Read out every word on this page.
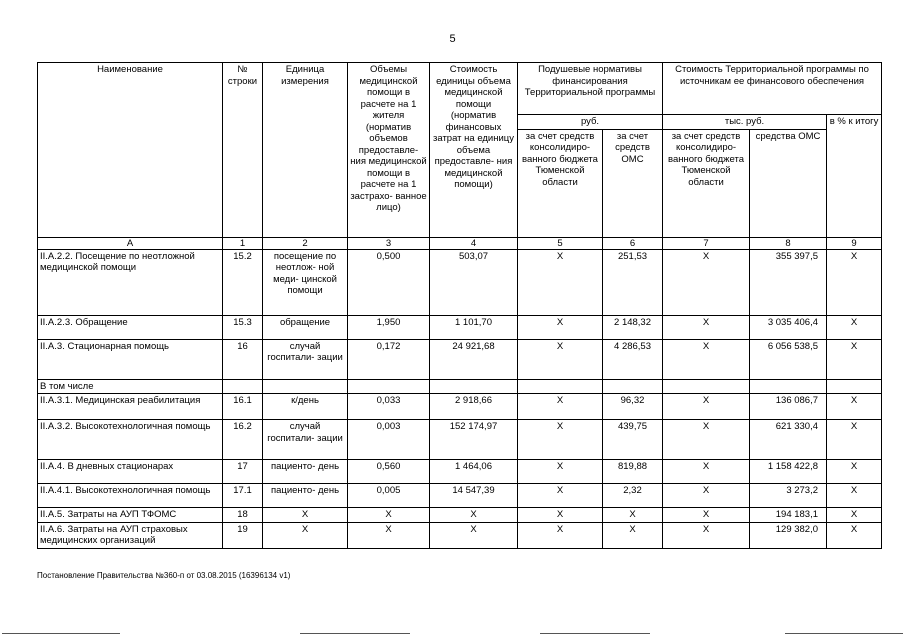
5
Наименование	№ строки	Единица измерения	Объемы медицинской помощи в расчете на 1 жителя (норматив объемов предоставле- ния медицинской помощи в расчете на 1 застрахо- ванное лицо)	Стоимость единицы объема медицинской помощи (норматив финансовых затрат на единицу объема предоставле- ния медицинской помощи)	Подушевые нормативы финансирования Территориальной программы		Стоимость Территориальной программы по источникам ее финансового обеспечения		
					руб.		тыс. руб.		в % к итогу
					за счет средств консолидиро- ванного бюджета Тюменской области	за счет средств ОМС	за счет средств консолидиро- ванного бюджета Тюменской области	средства ОМС	
А	1	2	3	4	5	6	7	8	9
II.А.2.2. Посещение по неотложной медицинской помощи	15.2	посещение по неотлож- ной меди- цинской помощи	0,500	503,07	Х	251,53	Х	355 397,5	Х
II.А.2.3. Обращение	15.3	обращение	1,950	1 101,70	Х	2 148,32	Х	3 035 406,4	Х
II.А.3. Стационарная помощь	16	случай госпитали- зации	0,172	24 921,68	Х	4 286,53	Х	6 056 538,5	Х
В том числе									
II.А.3.1. Медицинская реабилитация	16.1	к/день	0,033	2 918,66	Х	96,32	Х	136 086,7	Х
II.А.3.2. Высокотехнологичная помощь	16.2	случай госпитали- зации	0,003	152 174,97	Х	439,75	Х	621 330,4	Х
II.А.4. В дневных стационарах	17	пациенто- день	0,560	1 464,06	Х	819,88	Х	1 158 422,8	Х
II.А.4.1. Высокотехнологичная помощь	17.1	пациенто- день	0,005	14 547,39	Х	2,32	Х	3 273,2	Х
II.А.5. Затраты на АУП ТФОМС	18	Х	Х	Х	Х	Х	Х	194 183,1	Х
II.А.6. Затраты на АУП страховых медицинских организаций	19	Х	Х	Х	Х	Х	Х	129 382,0	Х
Постановление Правительства №360-п от 03.08.2015 (16396134 v1)
